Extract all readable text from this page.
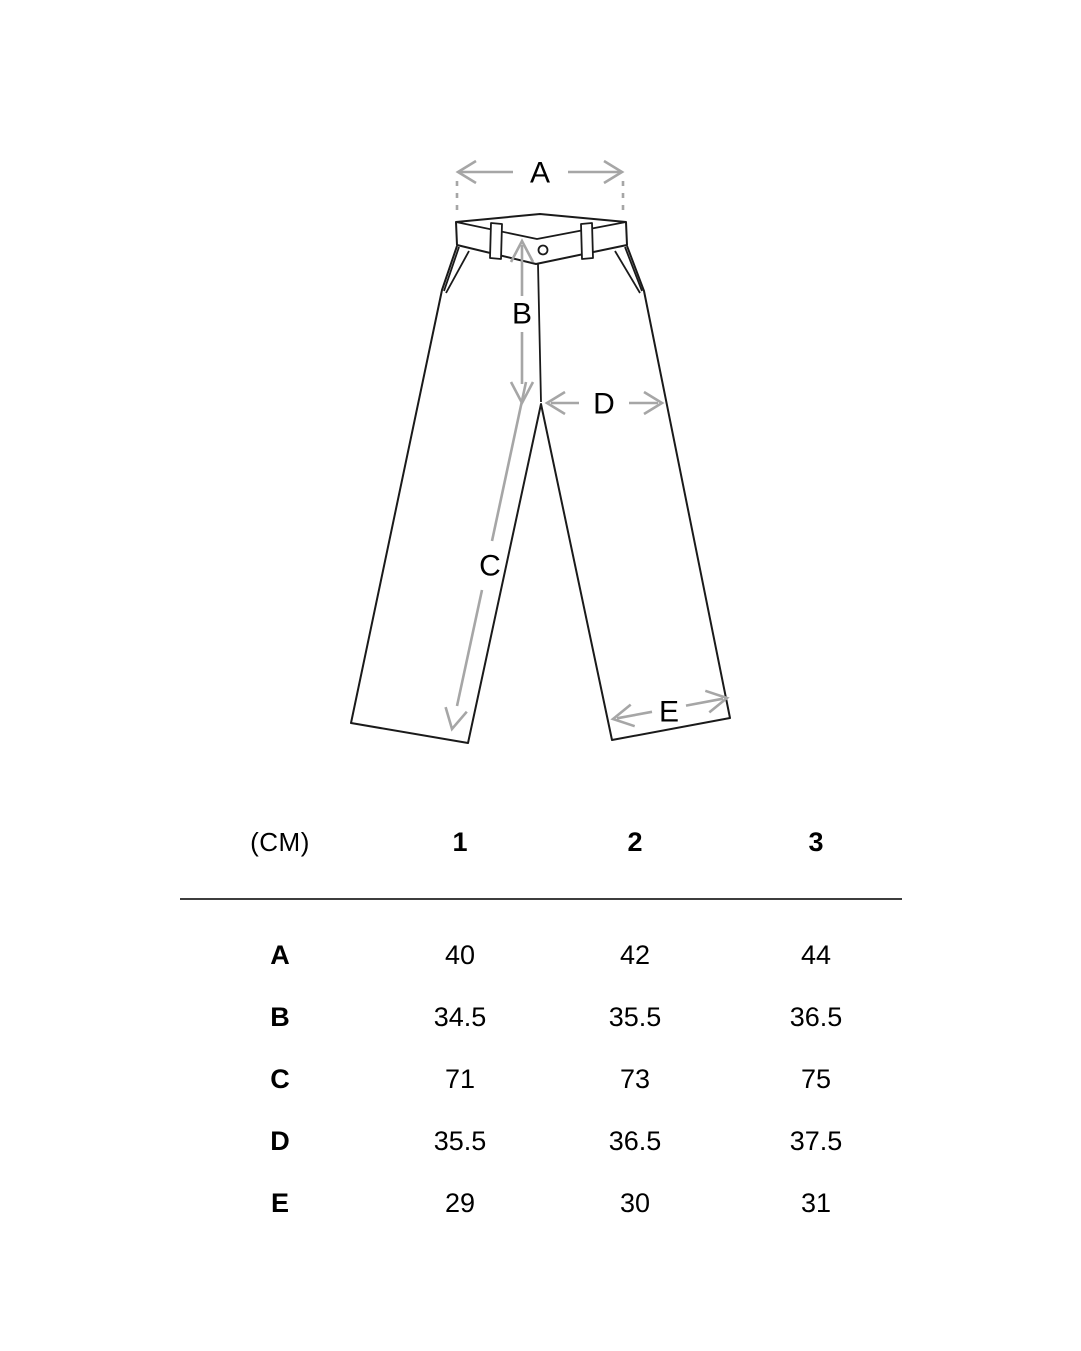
A
B
C
D
E
(CM)	1	2	3
A	40	42	44
B	34.5	35.5	36.5
C	71	73	75
D	35.5	36.5	37.5
E	29	30	31
